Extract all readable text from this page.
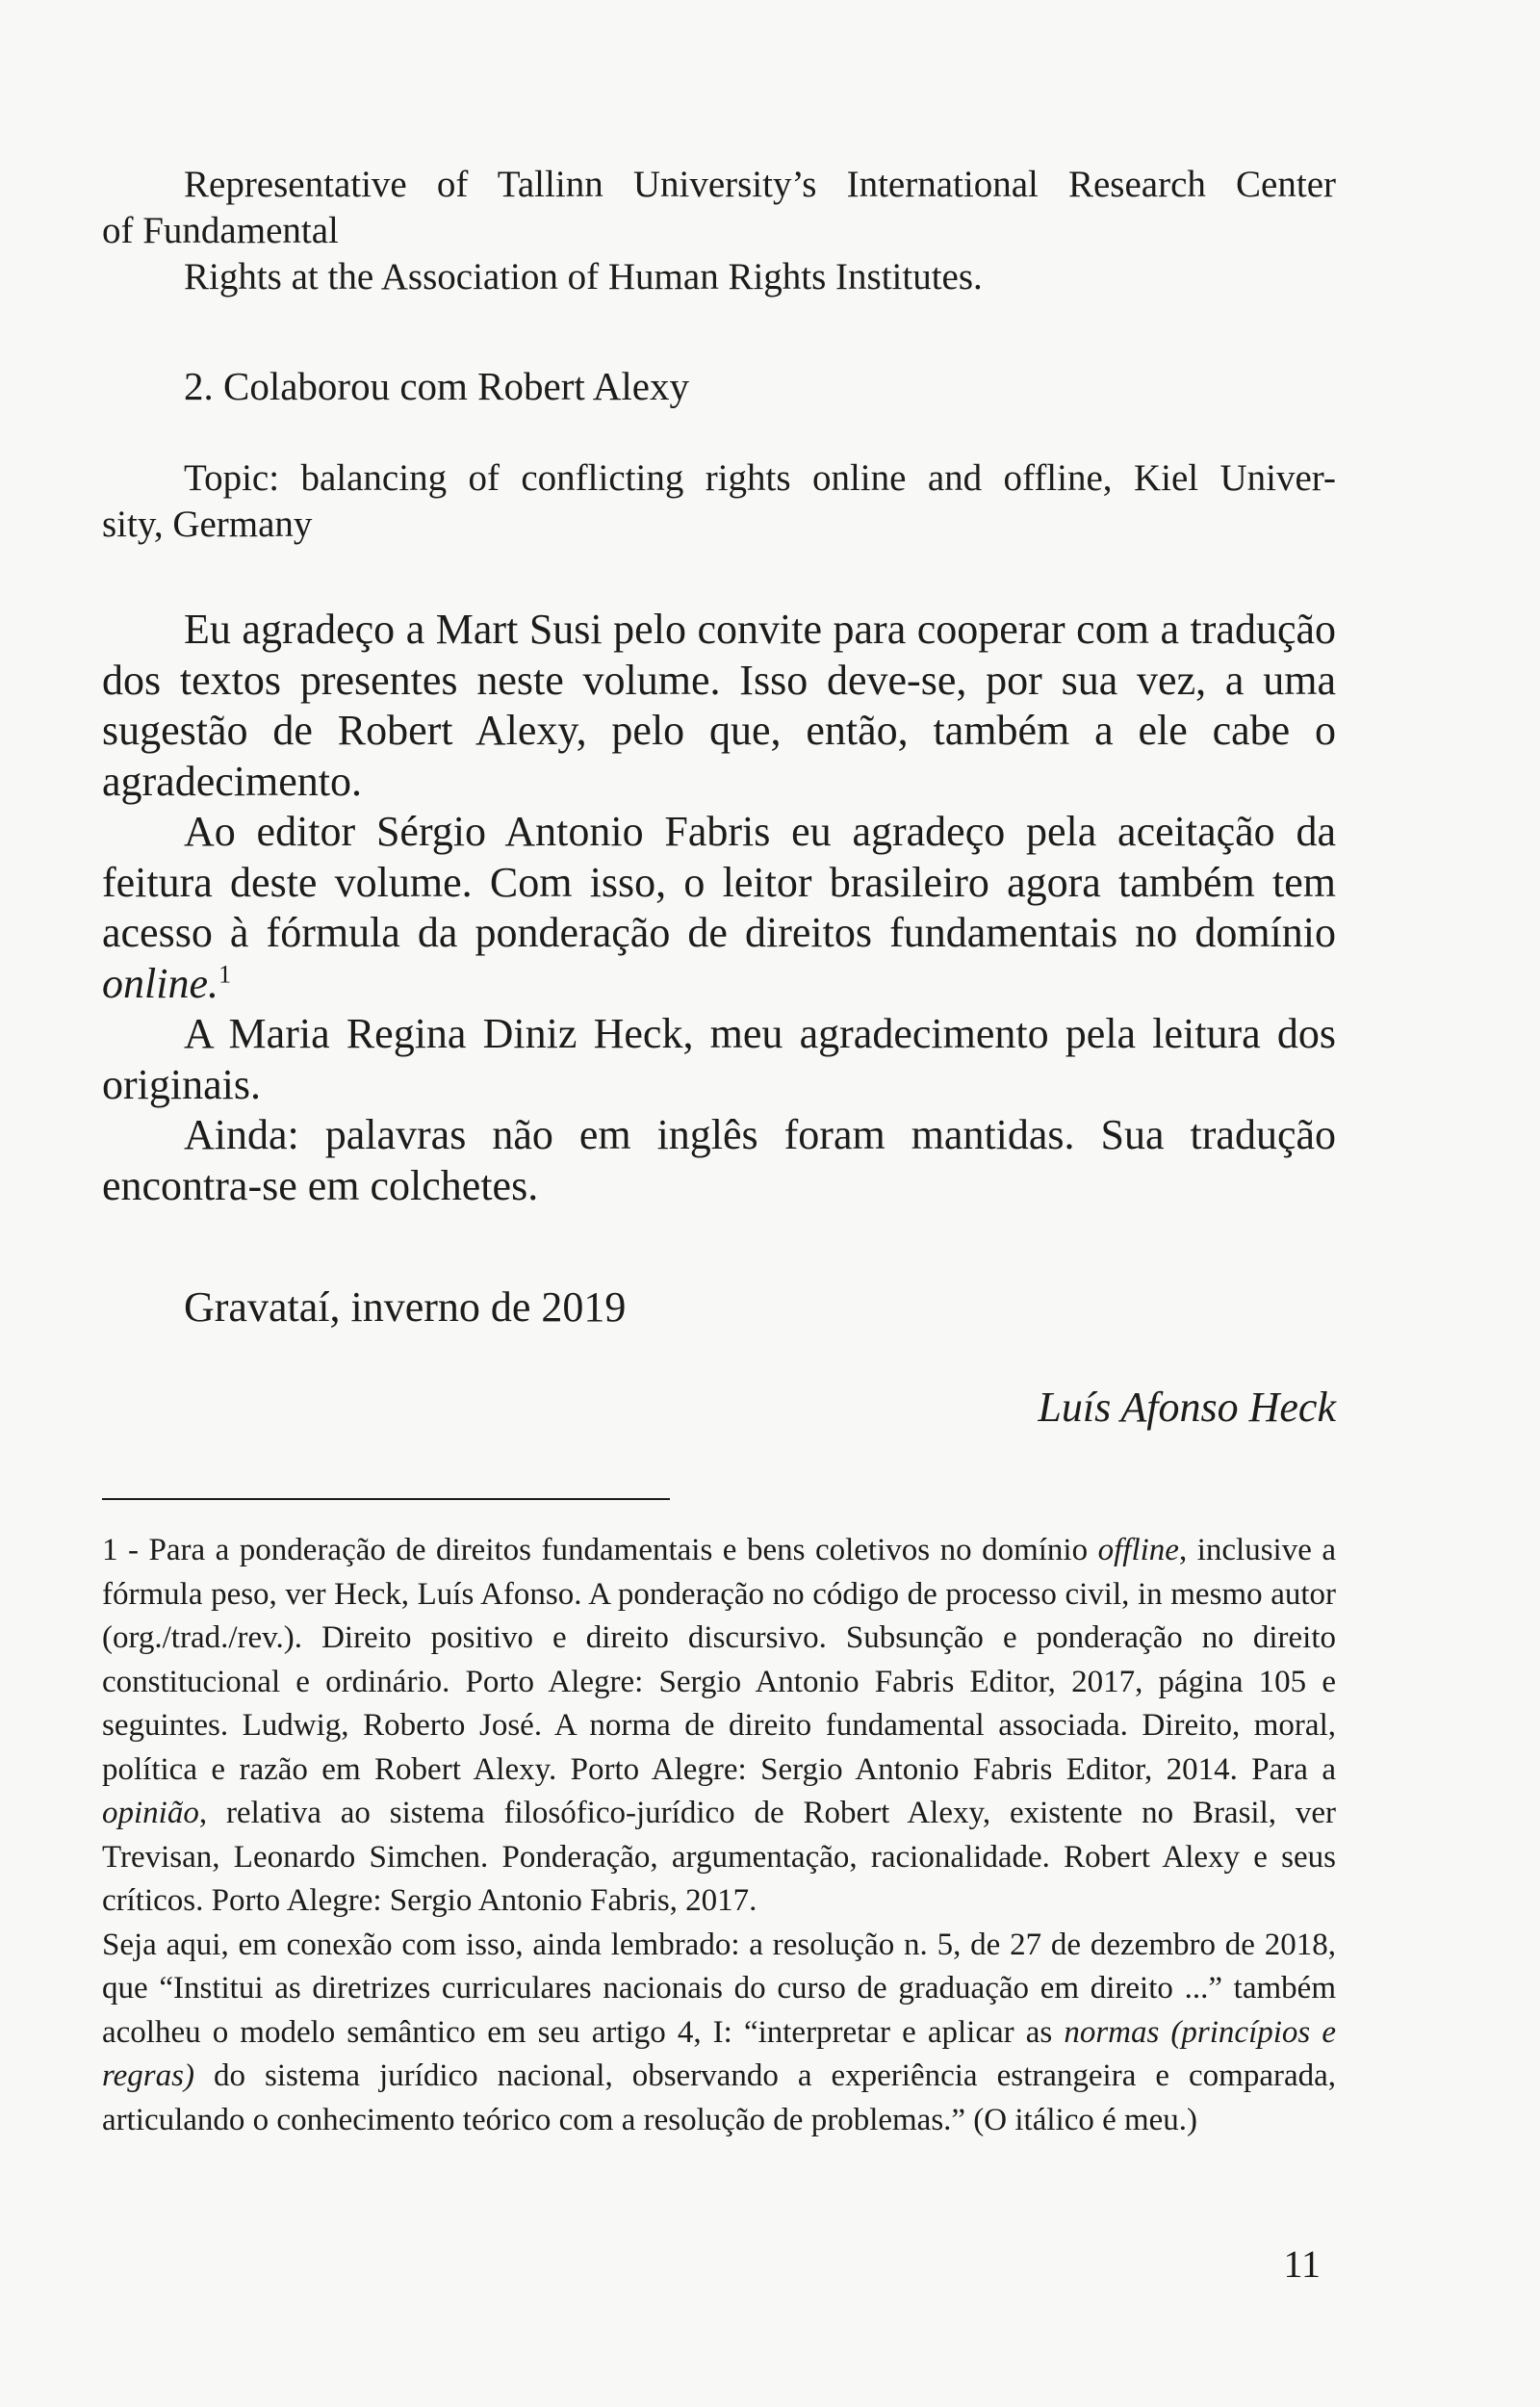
Representative of Tallinn University’s International Research Center
of Fundamental
Rights at the Association of Human Rights Institutes.
2. Colaborou com Robert Alexy
Topic: balancing of conflicting rights online and offline, Kiel Univer-
sity, Germany

Eu agradeço a Mart Susi pelo convite para cooperar com a tradução dos textos presentes neste volume. Isso deve-se, por sua vez, a uma sugestão de Robert Alexy, pelo que, então, também a ele cabe o agradecimento.

Ao editor Sérgio Antonio Fabris eu agradeço pela aceitação da feitura deste volume. Com isso, o leitor brasileiro agora também tem acesso à fórmula da ponderação de direitos fundamentais no domínio online.$^1$

A Maria Regina Diniz Heck, meu agradecimento pela leitura dos originais.

Ainda: palavras não em inglês foram mantidas. Sua tradução encontra-se em colchetes.

Gravataí, inverno de 2019
Luís Afonso Heck

1 - Para a ponderação de direitos fundamentais e bens coletivos no domínio offline, inclusive a fórmula peso, ver Heck, Luís Afonso. A ponderação no código de processo civil, in mesmo autor (org./trad./rev.). Direito positivo e direito discursivo. Subsunção e ponderação no direito constitucional e ordinário. Porto Alegre: Sergio Antonio Fabris Editor, 2017, página 105 e seguintes. Ludwig, Roberto José. A norma de direito fundamental associada. Direito, moral, política e razão em Robert Alexy. Porto Alegre: Sergio Antonio Fabris Editor, 2014. Para a opinião, relativa ao sistema filosófico-jurídico de Robert Alexy, existente no Brasil, ver Trevisan, Leonardo Simchen. Ponderação, argumentação, racionalidade. Robert Alexy e seus críticos. Porto Alegre: Sergio Antonio Fabris, 2017.

Seja aqui, em conexão com isso, ainda lembrado: a resolução n. 5, de 27 de dezembro de 2018, que “Institui as diretrizes curriculares nacionais do curso de graduação em direito ...” também acolheu o modelo semântico em seu artigo 4, I: “interpretar e aplicar as normas (princípios e regras) do sistema jurídico nacional, observando a experiência estrangeira e comparada, articulando o conhecimento teórico com a resolução de problemas.” (O itálico é meu.)

11
